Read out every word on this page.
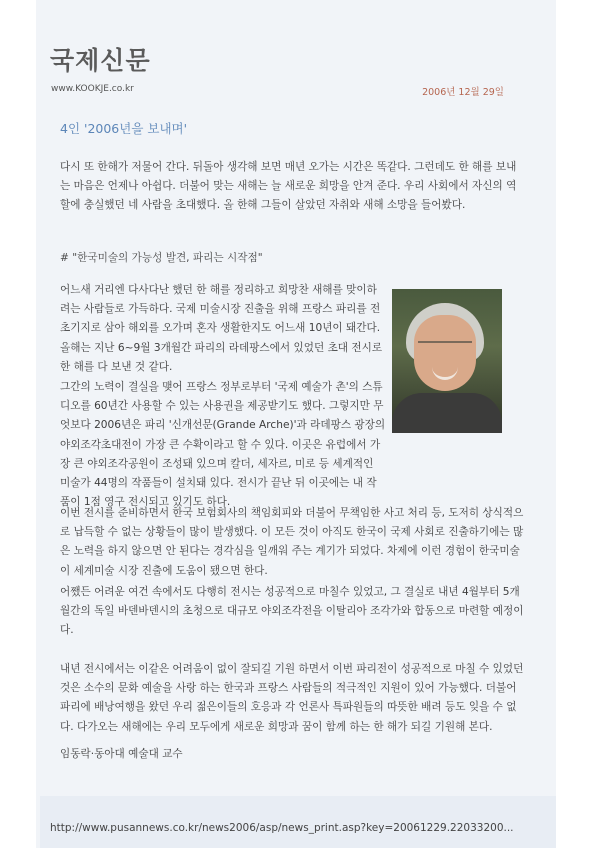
국제신문
www.KOOKJE.co.kr	2006년 12월 29일
4인 '2006년을 보내며'

다시 또 한해가 저물어 간다. 뒤돌아 생각해 보면 매년 오가는 시간은 똑같다. 그런데도 한 해를 보내는 마음은 언제나 아쉽다. 더불어 맞는 새해는 늘 새로운 희망을 안겨 준다. 우리 사회에서 자신의 역할에 충실했던 네 사람을 초대했다. 올 한해 그들이 살았던 자취와 새해 소망을 들어봤다.

# "한국미술의 가능성 발견, 파리는 시작점"

어느새 거리엔 다사다난 했던 한 해를 정리하고 희망찬 새해를 맞이하려는 사람들로 가득하다. 국제 미술시장 진출을 위해 프랑스 파리를 전초기지로 삼아 해외를 오가며 혼자 생활한지도 어느새 10년이 돼간다. 올해는 지난 6~9월 3개월간 파리의 라데팡스에서 있었던 초대 전시로 한 해를 다 보낸 것 같다.

그간의 노력이 결실을 맺어 프랑스 정부로부터 '국제 예술가 촌'의 스튜디오를 60년간 사용할 수 있는 사용권을 제공받기도 했다. 그렇지만 무엇보다 2006년은 파리 '신개선문(Grande Arche)'과 라데팡스 광장의 야외조각초대전이 가장 큰 수확이라고 할 수 있다. 이곳은 유럽에서 가장 큰 야외조각공원이 조성돼 있으며 칼더, 세자르, 미로 등 세계적인 미술가 44명의 작품들이 설치돼 있다. 전시가 끝난 뒤 이곳에는 내 작품이 1점 영구 전시되고 있기도 하다.

이번 전시를 준비하면서 한국 보험회사의 책임회피와 더불어 무책임한 사고 처리 등, 도저히 상식적으로 납득할 수 없는 상황들이 많이 발생했다. 이 모든 것이 아직도 한국이 국제 사회로 진출하기에는 많은 노력을 하지 않으면 안 된다는 경각심을 일깨워 주는 계기가 되었다. 차제에 이런 경험이 한국미술이 세계미술 시장 진출에 도움이 됐으면 한다.

어쨌든 어려운 여건 속에서도 다행히 전시는 성공적으로 마칠수 있었고, 그 결실로 내년 4월부터 5개월간의 독일 바덴바덴시의 초청으로 대규모 야외조각전을 이탈리아 조각가와 합동으로 마련할 예정이다.

내년 전시에서는 이같은 어려움이 없이 잘되길 기원 하면서 이번 파리전이 성공적으로 마칠 수 있었던 것은 소수의 문화 예술을 사랑 하는 한국과 프랑스 사람들의 적극적인 지원이 있어 가능했다. 더불어 파리에 배낭여행을 왔던 우리 젊은이들의 호응과 각 언론사 특파원들의 따뜻한 배려 등도 잊을 수 없다. 다가오는 새해에는 우리 모두에게 새로운 희망과 꿈이 함께 하는 한 해가 되길 기원해 본다.

임동락·동아대 예술대 교수

http://www.pusannews.co.kr/news2006/asp/news_print.asp?key=20061229.22033200...
